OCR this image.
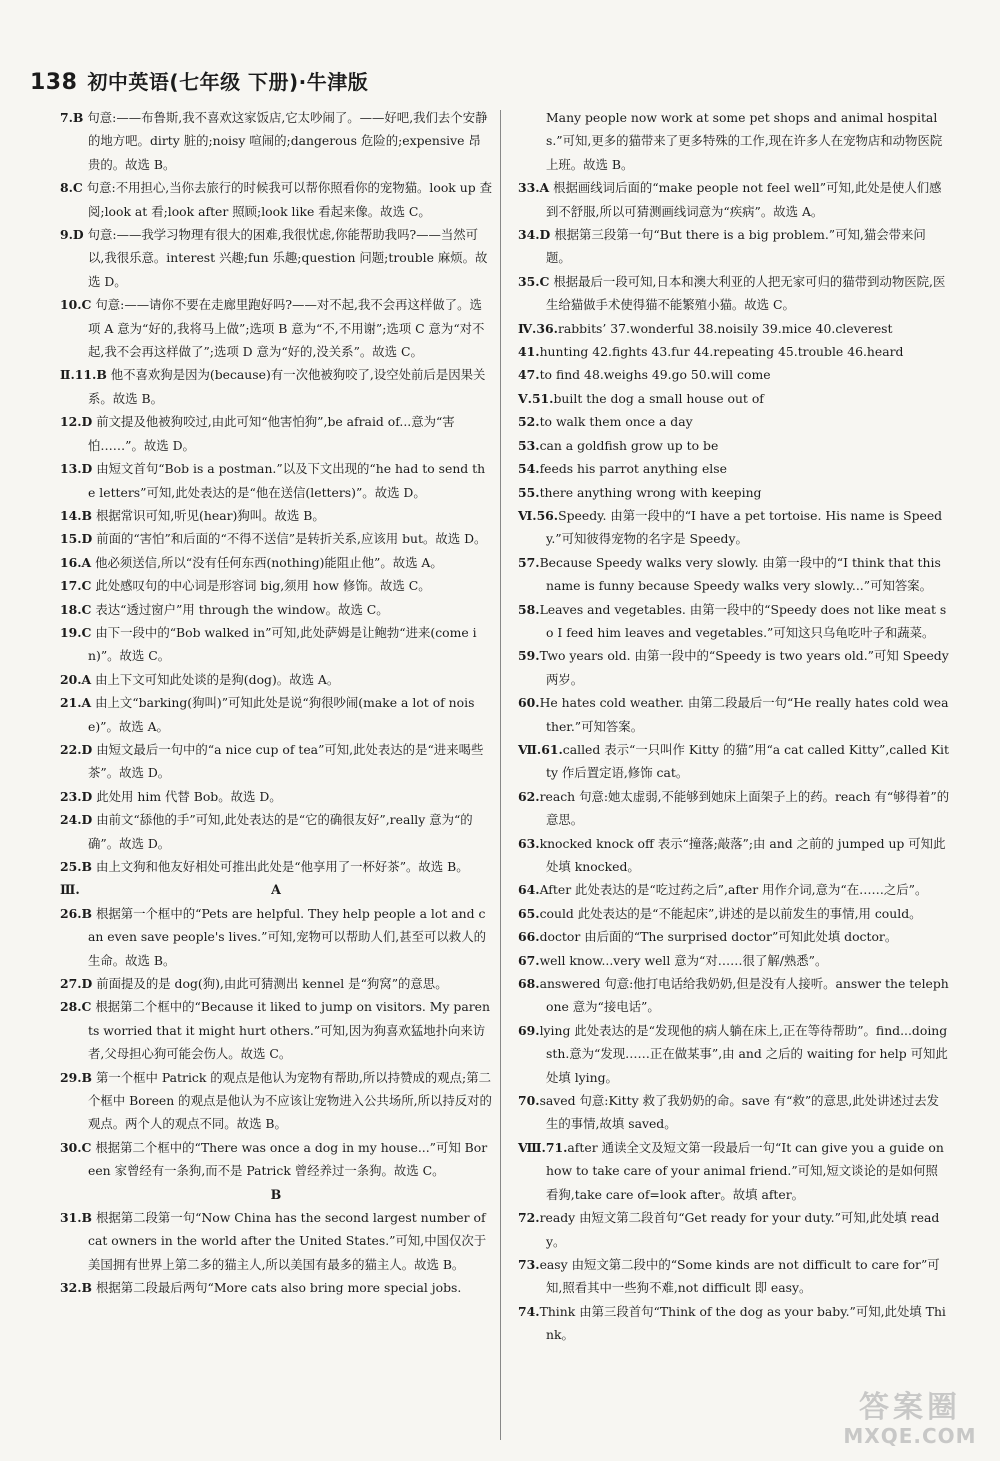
138 初中英语(七年级 下册)·牛津版

7.B 句意:——布鲁斯,我不喜欢这家饭店,它太吵闹了。——好吧,我们去个安静的地方吧。dirty 脏的;noisy 喧闹的;dangerous 危险的;expensive 昂贵的。故选 B。

8.C 句意:不用担心,当你去旅行的时候我可以帮你照看你的宠物猫。look up 查阅;look at 看;look after 照顾;look like 看起来像。故选 C。

9.D 句意:——我学习物理有很大的困难,我很忧虑,你能帮助我吗?——当然可以,我很乐意。interest 兴趣;fun 乐趣;question 问题;trouble 麻烦。故选 D。

10.C 句意:——请你不要在走廊里跑好吗?——对不起,我不会再这样做了。选项 A 意为“好的,我将马上做”;选项 B 意为“不,不用谢”;选项 C 意为“对不起,我不会再这样做了”;选项 D 意为“好的,没关系”。故选 C。

Ⅱ.11.B 他不喜欢狗是因为(because)有一次他被狗咬了,设空处前后是因果关系。故选 B。

12.D 前文提及他被狗咬过,由此可知“他害怕狗”,be afraid of...意为“害怕……”。故选 D。

13.D 由短文首句“Bob is a postman.”以及下文出现的“he had to send the letters”可知,此处表达的是“他在送信(letters)”。故选 D。

14.B 根据常识可知,听见(hear)狗叫。故选 B。

15.D 前面的“害怕”和后面的“不得不送信”是转折关系,应该用 but。故选 D。

16.A 他必须送信,所以“没有任何东西(nothing)能阻止他”。故选 A。

17.C 此处感叹句的中心词是形容词 big,须用 how 修饰。故选 C。

18.C 表达“透过窗户”用 through the window。故选 C。

19.C 由下一段中的“Bob walked in”可知,此处萨姆是让鲍勃“进来(come in)”。故选 C。

20.A 由上下文可知此处谈的是狗(dog)。故选 A。

21.A 由上文“barking(狗叫)”可知此处是说“狗很吵闹(make a lot of noise)”。故选 A。

22.D 由短文最后一句中的“a nice cup of tea”可知,此处表达的是“进来喝些茶”。故选 D。

23.D 此处用 him 代替 Bob。故选 D。

24.D 由前文“舔他的手”可知,此处表达的是“它的确很友好”,really 意为“的确”。故选 D。

25.B 由上文狗和他友好相处可推出此处是“他享用了一杯好茶”。故选 B。

Ⅲ.	A

26.B 根据第一个框中的“Pets are helpful. They help people a lot and can even save people's lives.”可知,宠物可以帮助人们,甚至可以救人的生命。故选 B。

27.D 前面提及的是 dog(狗),由此可猜测出 kennel 是“狗窝”的意思。

28.C 根据第二个框中的“Because it liked to jump on visitors. My parents worried that it might hurt others.”可知,因为狗喜欢猛地扑向来访者,父母担心狗可能会伤人。故选 C。

29.B 第一个框中 Patrick 的观点是他认为宠物有帮助,所以持赞成的观点;第二个框中 Boreen 的观点是他认为不应该让宠物进入公共场所,所以持反对的观点。两个人的观点不同。故选 B。

30.C 根据第二个框中的“There was once a dog in my house...”可知 Boreen 家曾经有一条狗,而不是 Patrick 曾经养过一条狗。故选 C。

B

31.B 根据第二段第一句“Now China has the second largest number of cat owners in the world after the United States.”可知,中国仅次于美国拥有世界上第二多的猫主人,所以美国有最多的猫主人。故选 B。

32.B 根据第二段最后两句“More cats also bring more special jobs.

Many people now work at some pet shops and animal hospitals.”可知,更多的猫带来了更多特殊的工作,现在许多人在宠物店和动物医院上班。故选 B。

33.A 根据画线词后面的“make people not feel well”可知,此处是使人们感到不舒服,所以可猜测画线词意为“疾病”。故选 A。

34.D 根据第三段第一句“But there is a big problem.”可知,猫会带来问题。

35.C 根据最后一段可知,日本和澳大利亚的人把无家可归的猫带到动物医院,医生给猫做手术使得猫不能繁殖小猫。故选 C。

Ⅳ.36.rabbits’ 37.wonderful 38.noisily 39.mice 40.cleverest

41.hunting 42.fights 43.fur 44.repeating 45.trouble 46.heard

47.to find 48.weighs 49.go 50.will come

Ⅴ.51.built the dog a small house out of

52.to walk them once a day

53.can a goldfish grow up to be

54.feeds his parrot anything else

55.there anything wrong with keeping

Ⅵ.56.Speedy. 由第一段中的“I have a pet tortoise. His name is Speedy.”可知彼得宠物的名字是 Speedy。

57.Because Speedy walks very slowly. 由第一段中的“I think that this name is funny because Speedy walks very slowly...”可知答案。

58.Leaves and vegetables. 由第一段中的“Speedy does not like meat so I feed him leaves and vegetables.”可知这只乌龟吃叶子和蔬菜。

59.Two years old. 由第一段中的“Speedy is two years old.”可知 Speedy 两岁。

60.He hates cold weather. 由第二段最后一句“He really hates cold weather.”可知答案。

Ⅶ.61.called 表示“一只叫作 Kitty 的猫”用“a cat called Kitty”,called Kitty 作后置定语,修饰 cat。

62.reach 句意:她太虚弱,不能够到她床上面架子上的药。reach 有“够得着”的意思。

63.knocked knock off 表示“撞落;敲落”;由 and 之前的 jumped up 可知此处填 knocked。

64.After 此处表达的是“吃过药之后”,after 用作介词,意为“在……之后”。

65.could 此处表达的是“不能起床”,讲述的是以前发生的事情,用 could。

66.doctor 由后面的“The surprised doctor”可知此处填 doctor。

67.well know...very well 意为“对……很了解/熟悉”。

68.answered 句意:他打电话给我奶奶,但是没有人接听。answer the telephone 意为“接电话”。

69.lying 此处表达的是“发现他的病人躺在床上,正在等待帮助”。find...doing sth.意为“发现……正在做某事”,由 and 之后的 waiting for help 可知此处填 lying。

70.saved 句意:Kitty 救了我奶奶的命。save 有“救”的意思,此处讲述过去发生的事情,故填 saved。

Ⅷ.71.after 通读全文及短文第一段最后一句“It can give you a guide on how to take care of your animal friend.”可知,短文谈论的是如何照看狗,take care of=look after。故填 after。

72.ready 由短文第二段首句“Get ready for your duty.”可知,此处填 ready。

73.easy 由短文第二段中的“Some kinds are not difficult to care for”可知,照看其中一些狗不难,not difficult 即 easy。

74.Think 由第三段首句“Think of the dog as your baby.”可知,此处填 Think。

答案圈
MXQE.COM
